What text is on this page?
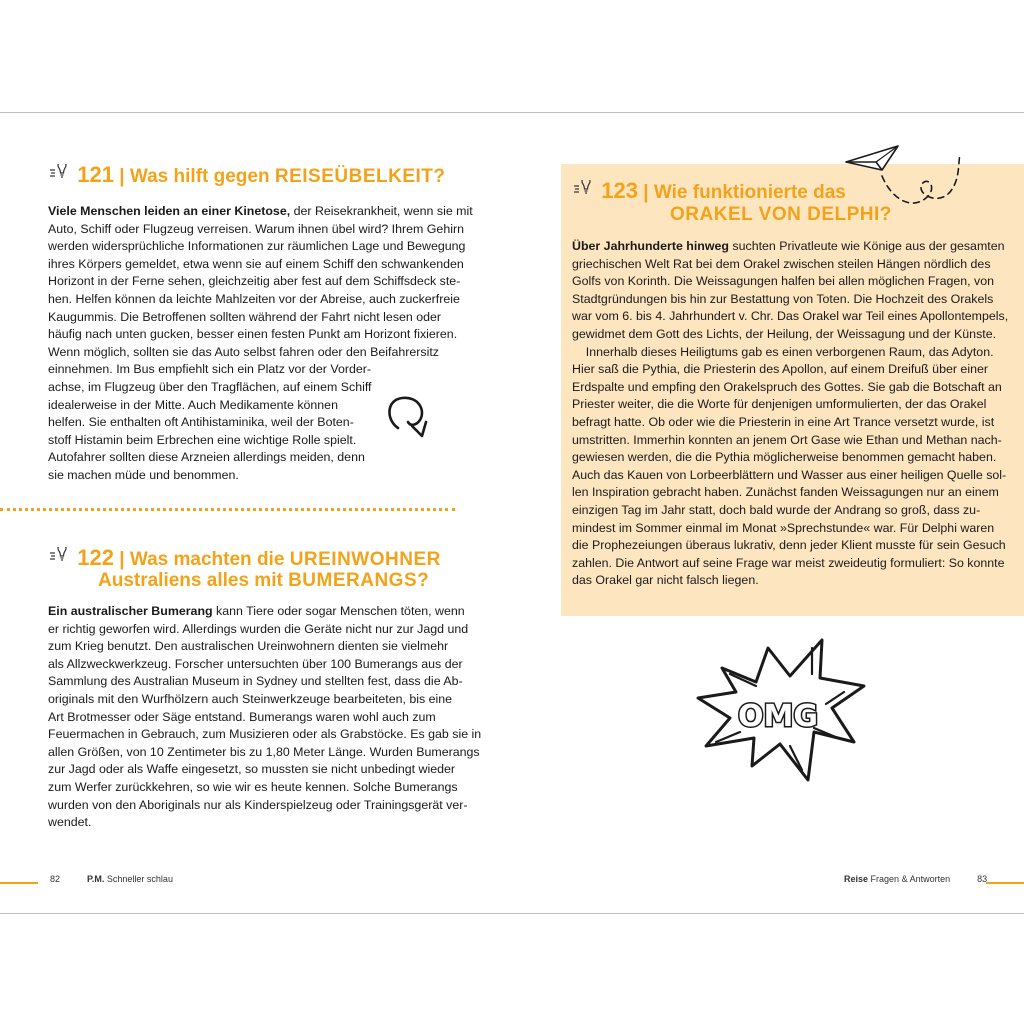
121 | Was hilft gegen REISEÜBELKEIT?
Viele Menschen leiden an einer Kinetose, der Reisekrankheit, wenn sie mit
Auto, Schiff oder Flugzeug verreisen. Warum ihnen übel wird? Ihrem Gehirn
werden widersprüchliche Informationen zur räumlichen Lage und Bewegung
ihres Körpers gemeldet, etwa wenn sie auf einem Schiff den schwankenden
Horizont in der Ferne sehen, gleichzeitig aber fest auf dem Schiffsdeck ste-
hen. Helfen können da leichte Mahlzeiten vor der Abreise, auch zuckerfreie
Kaugummis. Die Betroffenen sollten während der Fahrt nicht lesen oder
häufig nach unten gucken, besser einen festen Punkt am Horizont fixieren.
Wenn möglich, sollten sie das Auto selbst fahren oder den Beifahrersitz
einnehmen. Im Bus empfiehlt sich ein Platz vor der Vorder-
achse, im Flugzeug über den Tragflächen, auf einem Schiff
idealerweise in der Mitte. Auch Medikamente können
helfen. Sie enthalten oft Antihistaminika, weil der Boten-
stoff Histamin beim Erbrechen eine wichtige Rolle spielt.
Autofahrer sollten diese Arzneien allerdings meiden, denn
sie machen müde und benommen.
122 | Was machten die UREINWOHNER
Australiens alles mit BUMERANGS?
Ein australischer Bumerang kann Tiere oder sogar Menschen töten, wenn
er richtig geworfen wird. Allerdings wurden die Geräte nicht nur zur Jagd und
zum Krieg benutzt. Den australischen Ureinwohnern dienten sie vielmehr
als Allzweckwerkzeug. Forscher untersuchten über 100 Bumerangs aus der
Sammlung des Australian Museum in Sydney und stellten fest, dass die Ab-
originals mit den Wurfhölzern auch Steinwerkzeuge bearbeiteten, bis eine
Art Brotmesser oder Säge entstand. Bumerangs waren wohl auch zum
Feuermachen in Gebrauch, zum Musizieren oder als Grabstöcke. Es gab sie in
allen Größen, von 10 Zentimeter bis zu 1,80 Meter Länge. Wurden Bumerangs
zur Jagd oder als Waffe eingesetzt, so mussten sie nicht unbedingt wieder
zum Werfer zurückkehren, so wie wir es heute kennen. Solche Bumerangs
wurden von den Aboriginals nur als Kinderspielzeug oder Trainingsgerät ver-
wendet.
123 | Wie funktionierte das
ORAKEL VON DELPHI?
Über Jahrhunderte hinweg suchten Privatleute wie Könige aus der gesamten
griechischen Welt Rat bei dem Orakel zwischen steilen Hängen nördlich des
Golfs von Korinth. Die Weissagungen halfen bei allen möglichen Fragen, von
Stadtgründungen bis hin zur Bestattung von Toten. Die Hochzeit des Orakels
war vom 6. bis 4. Jahrhundert v. Chr. Das Orakel war Teil eines Apollontempels,
gewidmet dem Gott des Lichts, der Heilung, der Weissagung und der Künste.
Innerhalb dieses Heiligtums gab es einen verborgenen Raum, das Adyton.
Hier saß die Pythia, die Priesterin des Apollon, auf einem Dreifuß über einer
Erdspalte und empfing den Orakelspruch des Gottes. Sie gab die Botschaft an
Priester weiter, die die Worte für denjenigen umformulierten, der das Orakel
befragt hatte. Ob oder wie die Priesterin in eine Art Trance versetzt wurde, ist
umstritten. Immerhin konnten an jenem Ort Gase wie Ethan und Methan nach-
gewiesen werden, die die Pythia möglicherweise benommen gemacht haben.
Auch das Kauen von Lorbeerblättern und Wasser aus einer heiligen Quelle sol-
len Inspiration gebracht haben. Zunächst fanden Weissagungen nur an einem
einzigen Tag im Jahr statt, doch bald wurde der Andrang so groß, dass zu-
mindest im Sommer einmal im Monat »Sprechstunde« war. Für Delphi waren
die Prophezeiungen überaus lukrativ, denn jeder Klient musste für sein Gesuch
zahlen. Die Antwort auf seine Frage war meist zweideutig formuliert: So konnte
das Orakel gar nicht falsch liegen.
OMG
82	P.M. Schneller schlau	Reise Fragen & Antworten	83
